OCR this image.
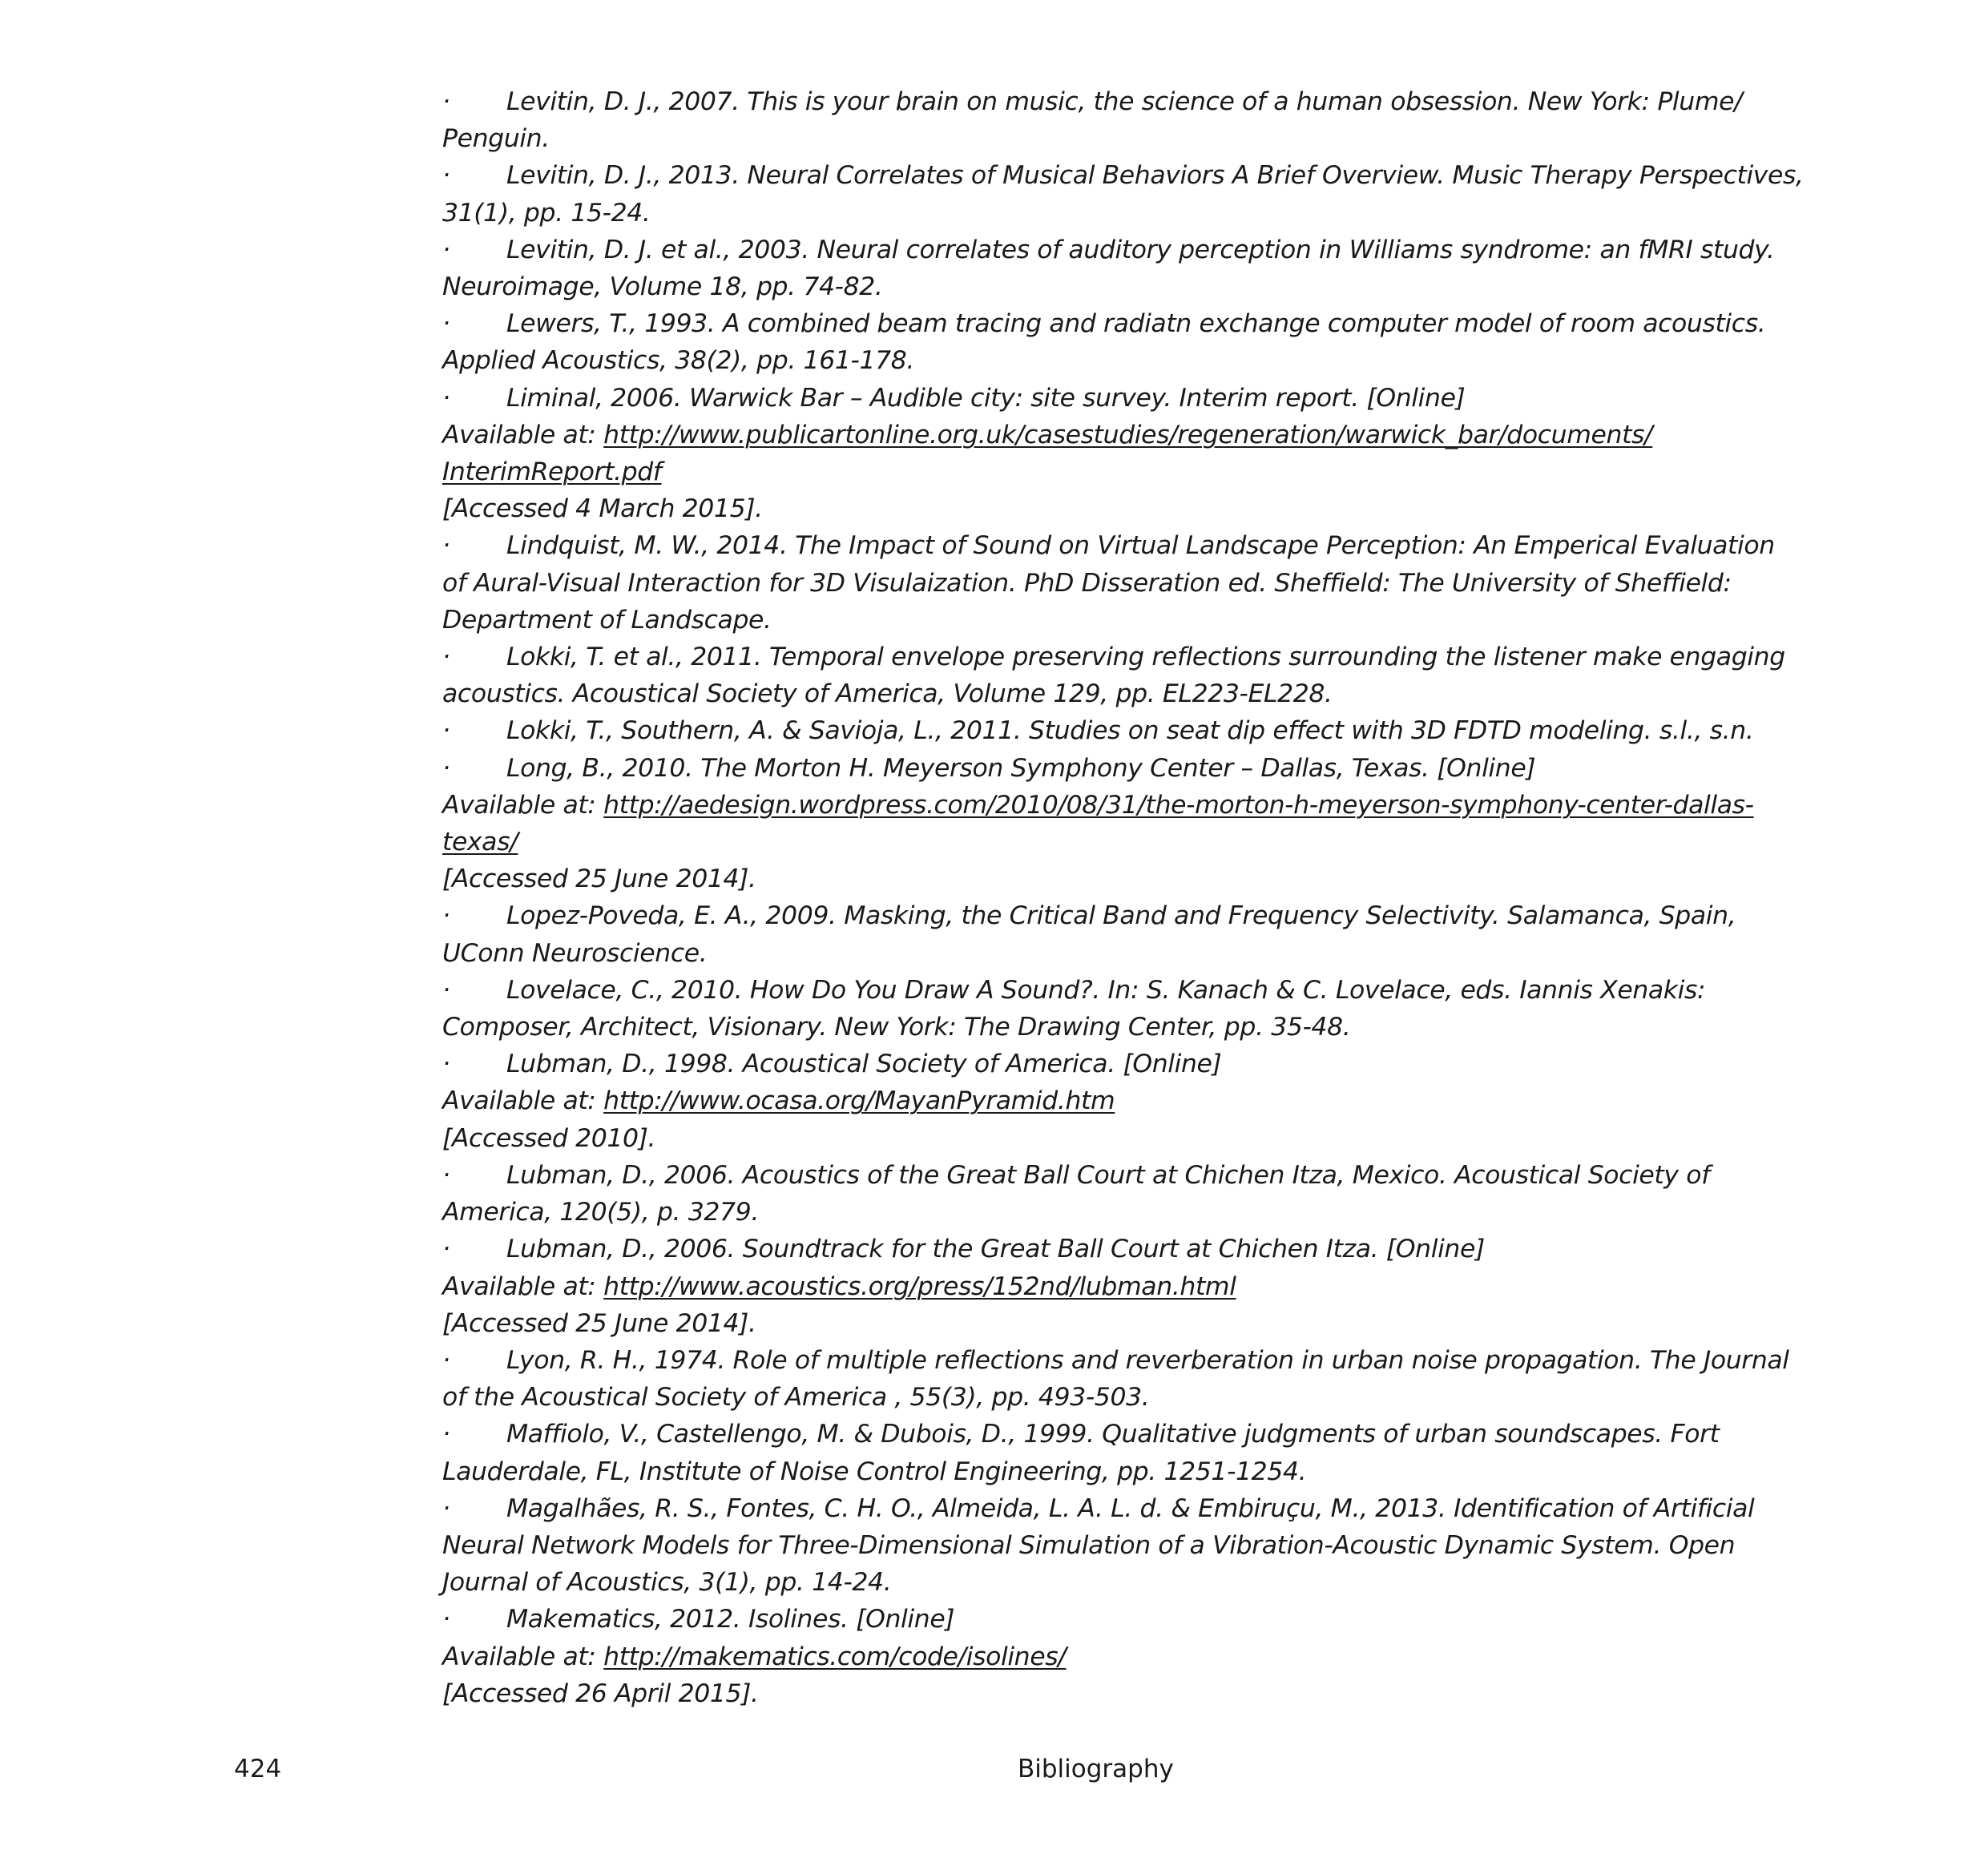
· Levitin, D. J., 2007. This is your brain on music, the science of a human obsession. New York: Plume/
Penguin.
· Levitin, D. J., 2013. Neural Correlates of Musical Behaviors A Brief Overview. Music Therapy Perspectives,
31(1), pp. 15-24.
· Levitin, D. J. et al., 2003. Neural correlates of auditory perception in Williams syndrome: an fMRI study.
Neuroimage, Volume 18, pp. 74-82.
· Lewers, T., 1993. A combined beam tracing and radiatn exchange computer model of room acoustics.
Applied Acoustics, 38(2), pp. 161-178.
· Liminal, 2006. Warwick Bar – Audible city: site survey. Interim report. [Online]
Available at: http://www.publicartonline.org.uk/casestudies/regeneration/warwick_bar/documents/
InterimReport.pdf
[Accessed 4 March 2015].
· Lindquist, M. W., 2014. The Impact of Sound on Virtual Landscape Perception: An Emperical Evaluation
of Aural-Visual Interaction for 3D Visulaization. PhD Disseration ed. Sheffield: The University of Sheffield:
Department of Landscape.
· Lokki, T. et al., 2011. Temporal envelope preserving reflections surrounding the listener make engaging
acoustics. Acoustical Society of America, Volume 129, pp. EL223-EL228.
· Lokki, T., Southern, A. & Savioja, L., 2011. Studies on seat dip effect with 3D FDTD modeling. s.l., s.n.
· Long, B., 2010. The Morton H. Meyerson Symphony Center – Dallas, Texas. [Online]
Available at: http://aedesign.wordpress.com/2010/08/31/the-morton-h-meyerson-symphony-center-dallas-
texas/
[Accessed 25 June 2014].
· Lopez-Poveda, E. A., 2009. Masking, the Critical Band and Frequency Selectivity. Salamanca, Spain,
UConn Neuroscience.
· Lovelace, C., 2010. How Do You Draw A Sound?. In: S. Kanach & C. Lovelace, eds. Iannis Xenakis:
Composer, Architect, Visionary. New York: The Drawing Center, pp. 35-48.
· Lubman, D., 1998. Acoustical Society of America. [Online]
Available at: http://www.ocasa.org/MayanPyramid.htm
[Accessed 2010].
· Lubman, D., 2006. Acoustics of the Great Ball Court at Chichen Itza, Mexico. Acoustical Society of
America, 120(5), p. 3279.
· Lubman, D., 2006. Soundtrack for the Great Ball Court at Chichen Itza. [Online]
Available at: http://www.acoustics.org/press/152nd/lubman.html
[Accessed 25 June 2014].
· Lyon, R. H., 1974. Role of multiple reflections and reverberation in urban noise propagation. The Journal
of the Acoustical Society of America , 55(3), pp. 493-503.
· Maffiolo, V., Castellengo, M. & Dubois, D., 1999. Qualitative judgments of urban soundscapes. Fort
Lauderdale, FL, Institute of Noise Control Engineering, pp. 1251-1254.
· Magalhães, R. S., Fontes, C. H. O., Almeida, L. A. L. d. & Embiruçu, M., 2013. Identification of Artificial
Neural Network Models for Three-Dimensional Simulation of a Vibration-Acoustic Dynamic System. Open
Journal of Acoustics, 3(1), pp. 14-24.
· Makematics, 2012. Isolines. [Online]
Available at: http://makematics.com/code/isolines/
[Accessed 26 April 2015].
424	Bibliography
